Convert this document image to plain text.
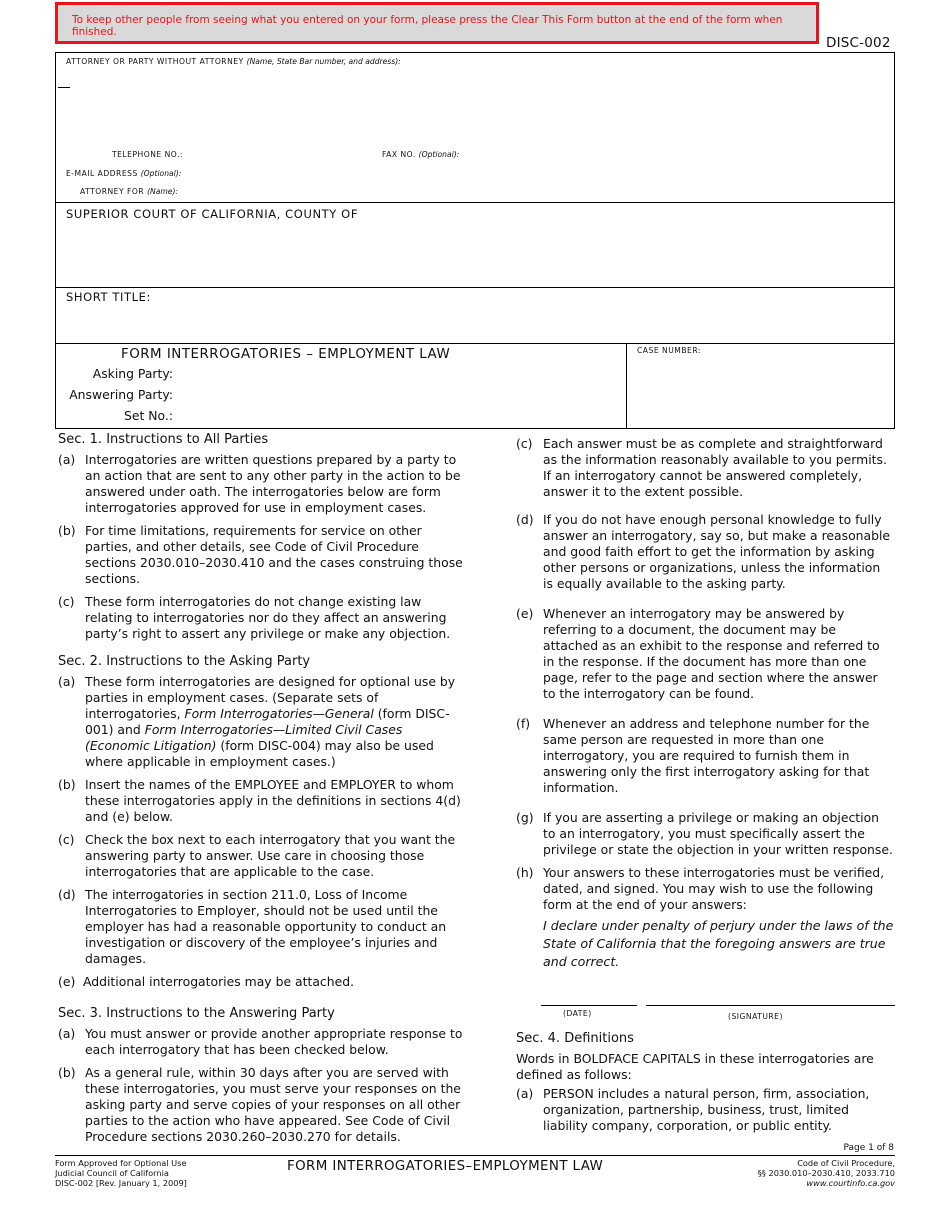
To keep other people from seeing what you entered on your form, please press the Clear This Form button at the end of the form when finished.
DISC-002
ATTORNEY OR PARTY WITHOUT ATTORNEY (Name, State Bar number, and address):
TELEPHONE NO.:	FAX NO. (Optional):
E-MAIL ADDRESS (Optional):
ATTORNEY FOR (Name):
SUPERIOR COURT OF CALIFORNIA, COUNTY OF
SHORT TITLE:
FORM INTERROGATORIES – EMPLOYMENT LAW
Asking Party:
Answering Party:
Set No.:
CASE NUMBER:
Sec. 1. Instructions to All Parties
(a) Interrogatories are written questions prepared by a party to an action that are sent to any other party in the action to be answered under oath. The interrogatories below are form interrogatories approved for use in employment cases.
(b) For time limitations, requirements for service on other parties, and other details, see Code of Civil Procedure sections 2030.010–2030.410 and the cases construing those sections.
(c) These form interrogatories do not change existing law relating to interrogatories nor do they affect an answering party’s right to assert any privilege or make any objection.
Sec. 2. Instructions to the Asking Party
(a) These form interrogatories are designed for optional use by parties in employment cases. (Separate sets of interrogatories, Form Interrogatories—General (form DISC-001) and Form Interrogatories—Limited Civil Cases (Economic Litigation) (form DISC-004) may also be used where applicable in employment cases.)
(b) Insert the names of the EMPLOYEE and EMPLOYER to whom these interrogatories apply in the definitions in sections 4(d) and (e) below.
(c) Check the box next to each interrogatory that you want the answering party to answer. Use care in choosing those interrogatories that are applicable to the case.
(d) The interrogatories in section 211.0, Loss of Income Interrogatories to Employer, should not be used until the employer has had a reasonable opportunity to conduct an investigation or discovery of the employee’s injuries and damages.
(e) Additional interrogatories may be attached.
Sec. 3. Instructions to the Answering Party
(a) You must answer or provide another appropriate response to each interrogatory that has been checked below.
(b) As a general rule, within 30 days after you are served with these interrogatories, you must serve your responses on the asking party and serve copies of your responses on all other parties to the action who have appeared. See Code of Civil Procedure sections 2030.260–2030.270 for details.
(c) Each answer must be as complete and straightforward as the information reasonably available to you permits. If an interrogatory cannot be answered completely, answer it to the extent possible.
(d) If you do not have enough personal knowledge to fully answer an interrogatory, say so, but make a reasonable and good faith effort to get the information by asking other persons or organizations, unless the information is equally available to the asking party.
(e) Whenever an interrogatory may be answered by referring to a document, the document may be attached as an exhibit to the response and referred to in the response. If the document has more than one page, refer to the page and section where the answer to the interrogatory can be found.
(f)	Whenever an address and telephone number for the same person are requested in more than one interrogatory, you are required to furnish them in answering only the first interrogatory asking for that information.
(g) If you are asserting a privilege or making an objection to an interrogatory, you must specifically assert the privilege or state the objection in your written response.
(h) Your answers to these interrogatories must be verified, dated, and signed. You may wish to use the following form at the end of your answers:
I declare under penalty of perjury under the laws of the State of California that the foregoing answers are true and correct.
(DATE)	(SIGNATURE)
Sec. 4. Definitions
Words in BOLDFACE CAPITALS in these interrogatories are defined as follows:
(a) PERSON includes a natural person, firm, association, organization, partnership, business, trust, limited liability company, corporation, or public entity.
Page 1 of 8
Form Approved for Optional Use
Judicial Council of California
DISC-002 [Rev. January 1, 2009]
FORM INTERROGATORIES–EMPLOYMENT LAW	Code of Civil Procedure,
§§ 2030.010–2030.410, 2033.710
www.courtinfo.ca.gov
